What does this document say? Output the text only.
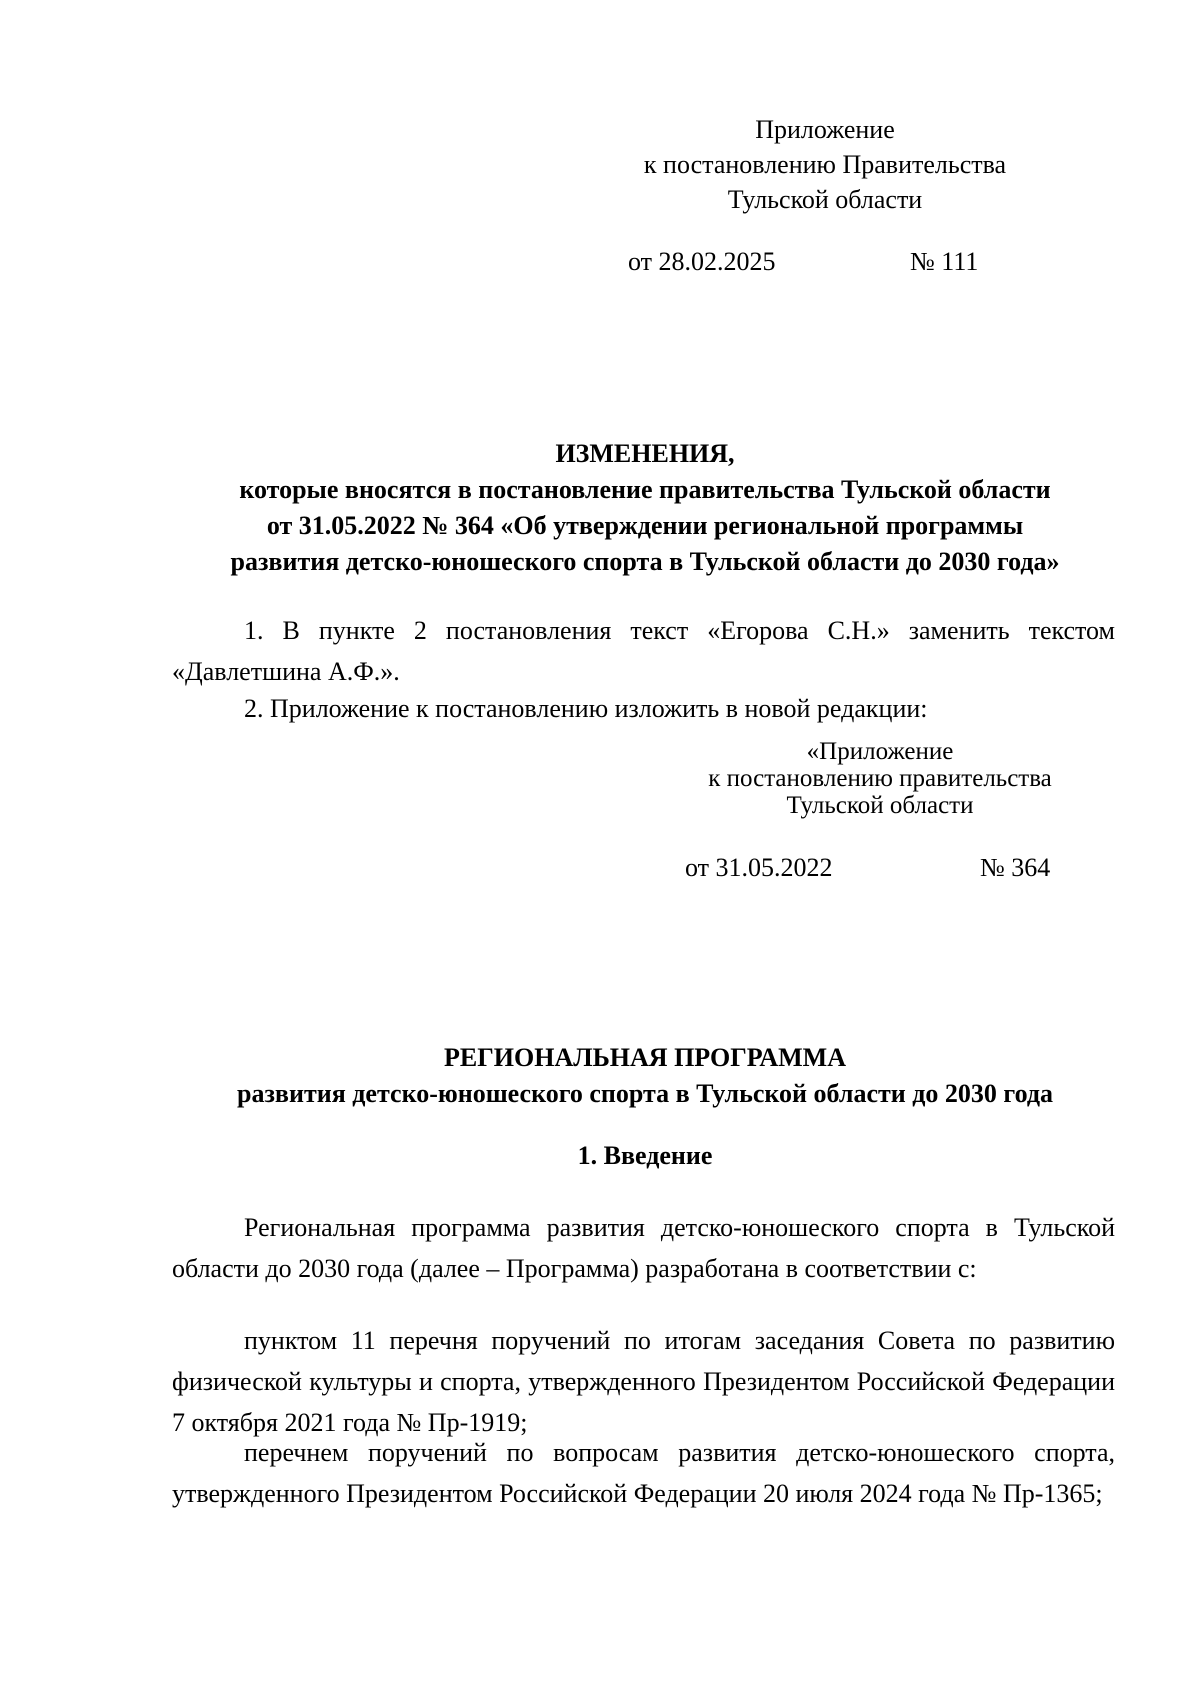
Приложение
к постановлению Правительства
Тульской области
от 28.02.2025	№ 111
ИЗМЕНЕНИЯ,
которые вносятся в постановление правительства Тульской области
от 31.05.2022 № 364 «Об утверждении региональной программы
развития детско-юношеского спорта в Тульской области до 2030 года»

1. В пункте 2 постановления текст «Егорова С.Н.» заменить текстом «Давлетшина А.Ф.».

2. Приложение к постановлению изложить в новой редакции:

«Приложение
к постановлению правительства
Тульской области
от 31.05.2022	№ 364
РЕГИОНАЛЬНАЯ ПРОГРАММА
развития детско-юношеского спорта в Тульской области до 2030 года
1. Введение

Региональная программа развития детско-юношеского спорта в Тульской области до 2030 года (далее – Программа) разработана в соответствии с:

пунктом 11 перечня поручений по итогам заседания Совета по развитию физической культуры и спорта, утвержденного Президентом Российской Федерации 7 октября 2021 года № Пр-1919;

перечнем поручений по вопросам развития детско-юношеского спорта, утвержденного Президентом Российской Федерации 20 июля 2024 года № Пр-1365;
